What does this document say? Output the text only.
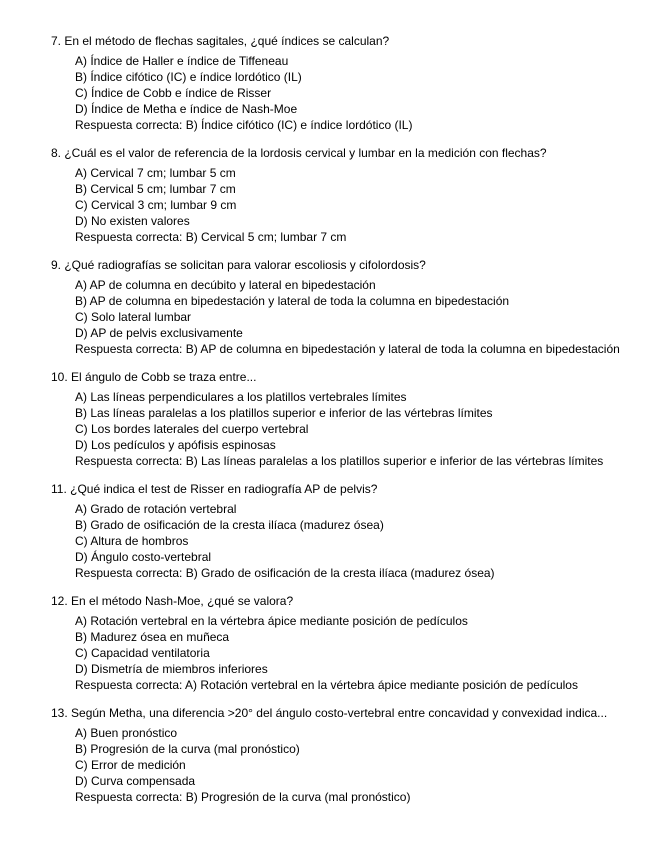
7. En el método de flechas sagitales, ¿qué índices se calculan?
A) Índice de Haller e índice de Tiffeneau
B) Índice cifótico (IC) e índice lordótico (IL)
C) Índice de Cobb e índice de Risser
D) Índice de Metha e índice de Nash-Moe
Respuesta correcta: B) Índice cifótico (IC) e índice lordótico (IL)
8. ¿Cuál es el valor de referencia de la lordosis cervical y lumbar en la medición con flechas?
A) Cervical 7 cm; lumbar 5 cm
B) Cervical 5 cm; lumbar 7 cm
C) Cervical 3 cm; lumbar 9 cm
D) No existen valores
Respuesta correcta: B) Cervical 5 cm; lumbar 7 cm
9. ¿Qué radiografías se solicitan para valorar escoliosis y cifolordosis?
A) AP de columna en decúbito y lateral en bipedestación
B) AP de columna en bipedestación y lateral de toda la columna en bipedestación
C) Solo lateral lumbar
D) AP de pelvis exclusivamente
Respuesta correcta: B) AP de columna en bipedestación y lateral de toda la columna en bipedestación
10. El ángulo de Cobb se traza entre...
A) Las líneas perpendiculares a los platillos vertebrales límites
B) Las líneas paralelas a los platillos superior e inferior de las vértebras límites
C) Los bordes laterales del cuerpo vertebral
D) Los pedículos y apófisis espinosas
Respuesta correcta: B) Las líneas paralelas a los platillos superior e inferior de las vértebras límites
11. ¿Qué indica el test de Risser en radiografía AP de pelvis?
A) Grado de rotación vertebral
B) Grado de osificación de la cresta ilíaca (madurez ósea)
C) Altura de hombros
D) Ángulo costo-vertebral
Respuesta correcta: B) Grado de osificación de la cresta ilíaca (madurez ósea)
12. En el método Nash-Moe, ¿qué se valora?
A) Rotación vertebral en la vértebra ápice mediante posición de pedículos
B) Madurez ósea en muñeca
C) Capacidad ventilatoria
D) Dismetría de miembros inferiores
Respuesta correcta: A) Rotación vertebral en la vértebra ápice mediante posición de pedículos
13. Según Metha, una diferencia >20° del ángulo costo-vertebral entre concavidad y convexidad indica...
A) Buen pronóstico
B) Progresión de la curva (mal pronóstico)
C) Error de medición
D) Curva compensada
Respuesta correcta: B) Progresión de la curva (mal pronóstico)
